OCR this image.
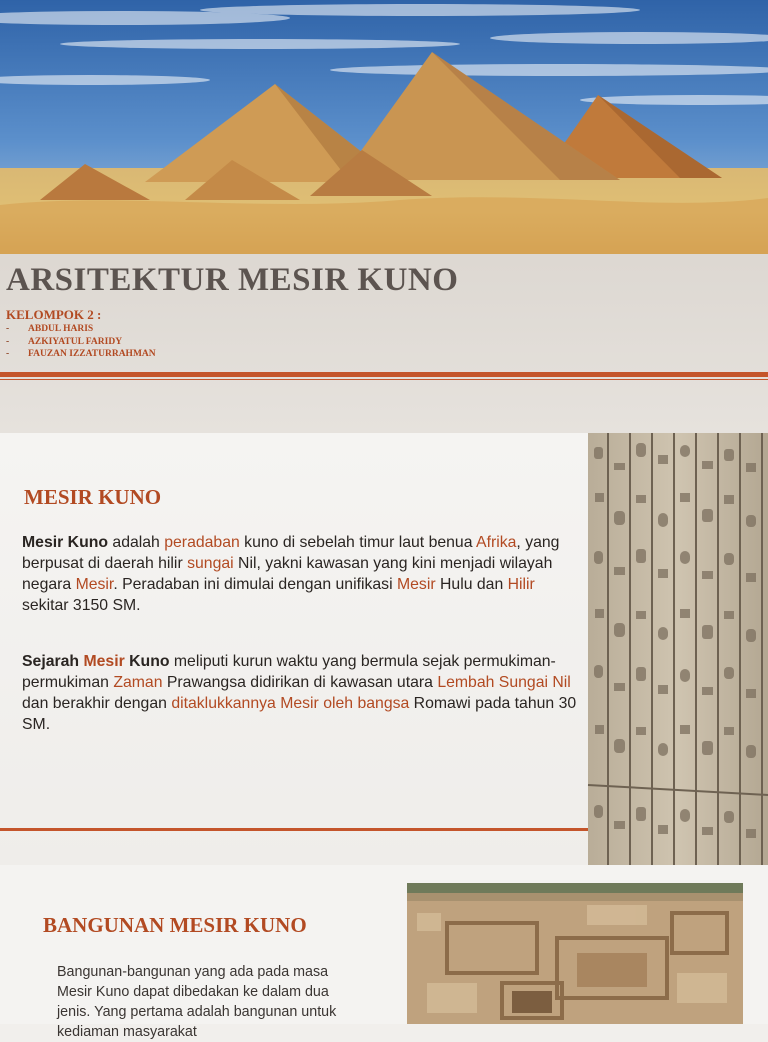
ARSITEKTUR MESIR KUNO
KELOMPOK 2 :
- ABDUL HARIS
- AZKIYATUL FARIDY
- FAUZAN IZZATURRAHMAN
MESIR KUNO

Mesir Kuno adalah peradaban kuno di sebelah timur laut benua Afrika, yang berpusat di daerah hilir sungai Nil, yakni kawasan yang kini menjadi wilayah negara Mesir. Peradaban ini dimulai dengan unifikasi Mesir Hulu dan Hilir sekitar 3150 SM.

Sejarah Mesir Kuno meliputi kurun waktu yang bermula sejak permukiman-permukiman Zaman Prawangsa didirikan di kawasan utara Lembah Sungai Nil dan berakhir dengan ditaklukkannya Mesir oleh bangsa Romawi pada tahun 30 SM.

BANGUNAN MESIR KUNO

Bangunan-bangunan yang ada pada masa Mesir Kuno dapat dibedakan ke dalam dua jenis. Yang pertama adalah bangunan untuk kediaman masyarakat
